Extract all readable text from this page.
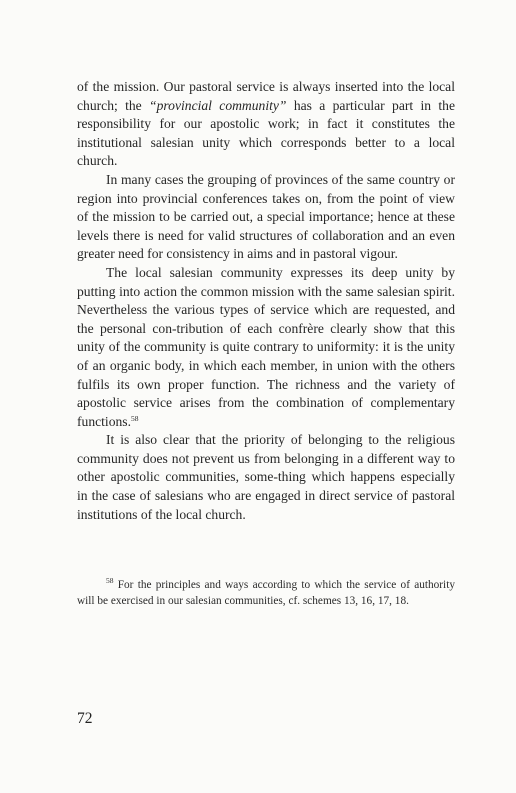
of the mission. Our pastoral service is always inserted into the local church; the “provincial community” has a particular part in the responsibility for our apostolic work; in fact it constitutes the institutional salesian unity which corresponds better to a local church.

In many cases the grouping of provinces of the same country or region into provincial conferences takes on, from the point of view of the mission to be carried out, a special importance; hence at these levels there is need for valid structures of collaboration and an even greater need for consistency in aims and in pastoral vigour.

The local salesian community expresses its deep unity by putting into action the common mission with the same salesian spirit. Nevertheless the various types of service which are requested, and the personal con-tribution of each confrère clearly show that this unity of the community is quite contrary to uniformity: it is the unity of an organic body, in which each member, in union with the others fulfils its own proper function. The richness and the variety of apostolic service arises from the combination of complementary functions.$^{58}$

It is also clear that the priority of belonging to the religious community does not prevent us from belonging in a different way to other apostolic communities, some-thing which happens especially in the case of salesians who are engaged in direct service of pastoral institutions of the local church.

$^{58}$ For the principles and ways according to which the service of authority will be exercised in our salesian communities, cf. schemes 13, 16, 17, 18.

72
